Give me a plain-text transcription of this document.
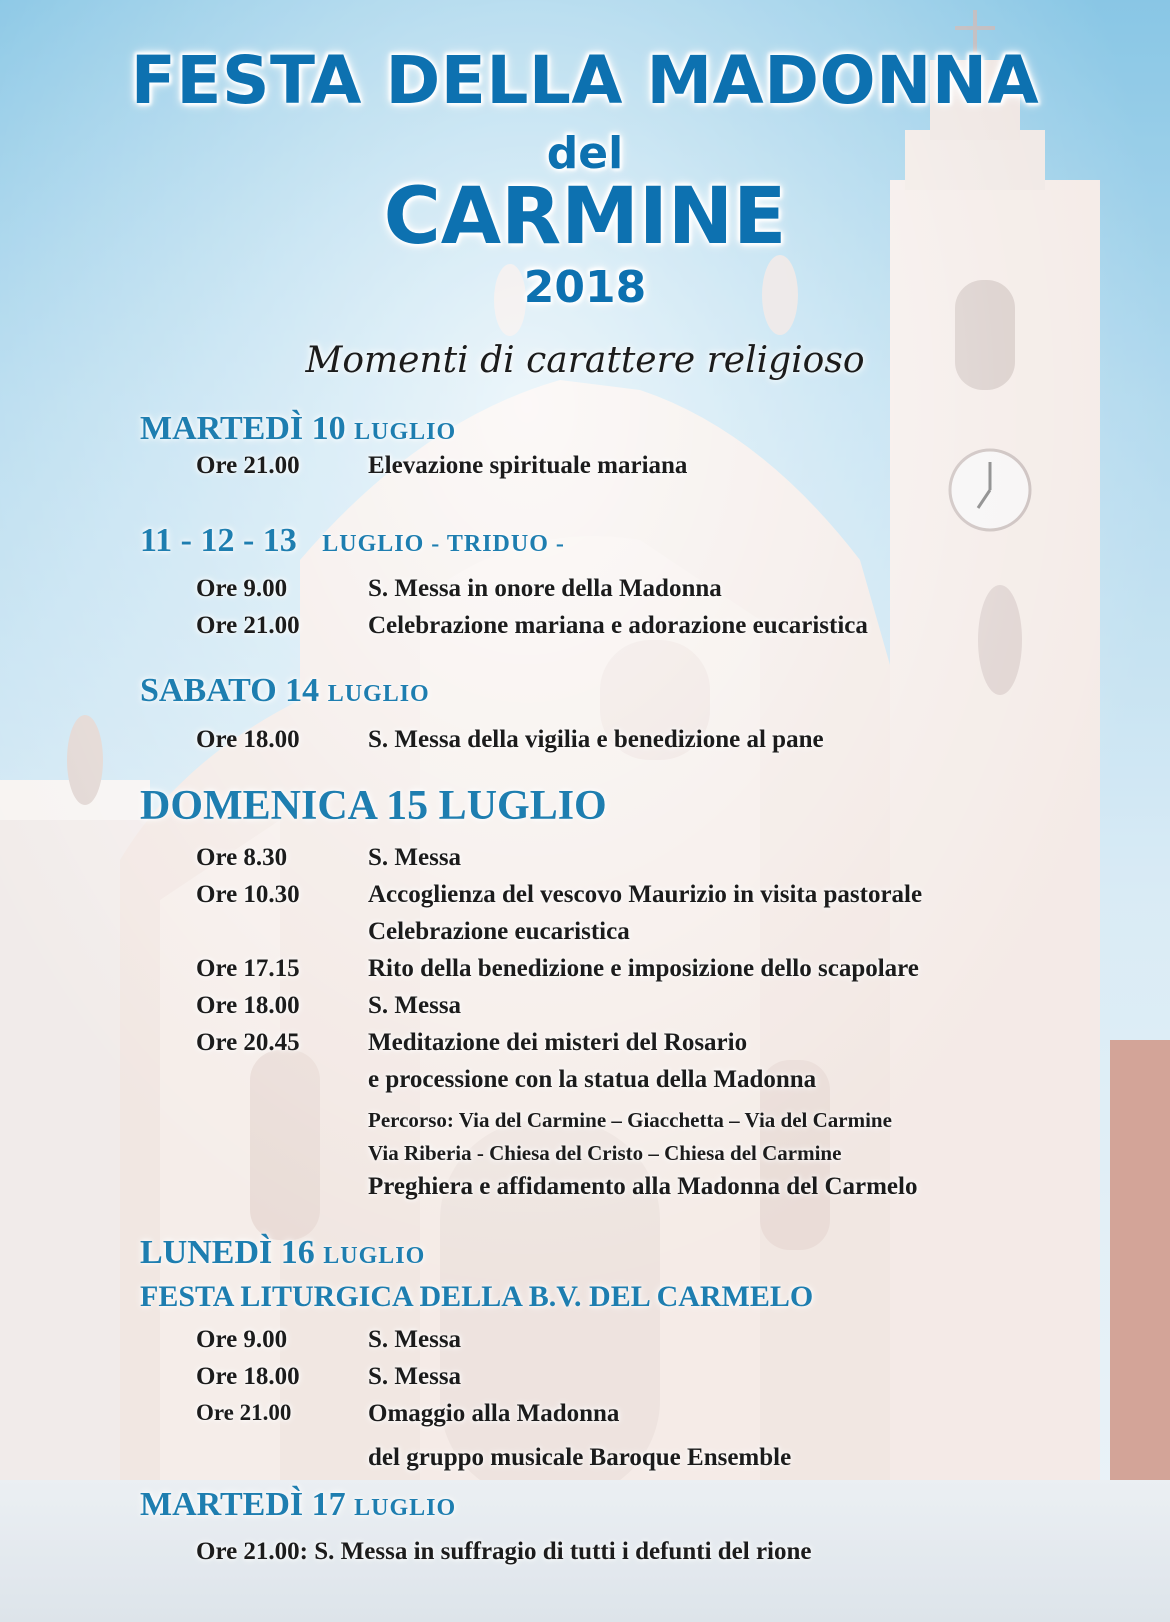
FESTA DELLA MADONNA
del
CARMINE
2018
Momenti di carattere religioso
MARTEDÌ 10 LUGLIO
Ore 21.00	Elevazione spirituale mariana
11 - 12 - 13 LUGLIO - TRIDUO -
Ore 9.00	S. Messa in onore della Madonna
Ore 21.00	Celebrazione mariana e adorazione eucaristica
SABATO 14 LUGLIO
Ore 18.00	S. Messa della vigilia e benedizione al pane
DOMENICA 15 LUGLIO
Ore 8.30	S. Messa
Ore 10.30	Accoglienza del vescovo Maurizio in visita pastorale
Celebrazione eucaristica
Ore 17.15	Rito della benedizione e imposizione dello scapolare
Ore 18.00	S. Messa
Ore 20.45	Meditazione dei misteri del Rosario
e processione con la statua della Madonna
Percorso: Via del Carmine – Giacchetta – Via del Carmine
Via Riberia - Chiesa del Cristo – Chiesa del Carmine
Preghiera e affidamento alla Madonna del Carmelo
LUNEDÌ 16 LUGLIO
FESTA LITURGICA DELLA B.V. DEL CARMELO
Ore 9.00	S. Messa
Ore 18.00	S. Messa
Ore 21.00	Omaggio alla Madonna
del gruppo musicale Baroque Ensemble
MARTEDÌ 17 LUGLIO
Ore 21.00: S. Messa in suffragio di tutti i defunti del rione
